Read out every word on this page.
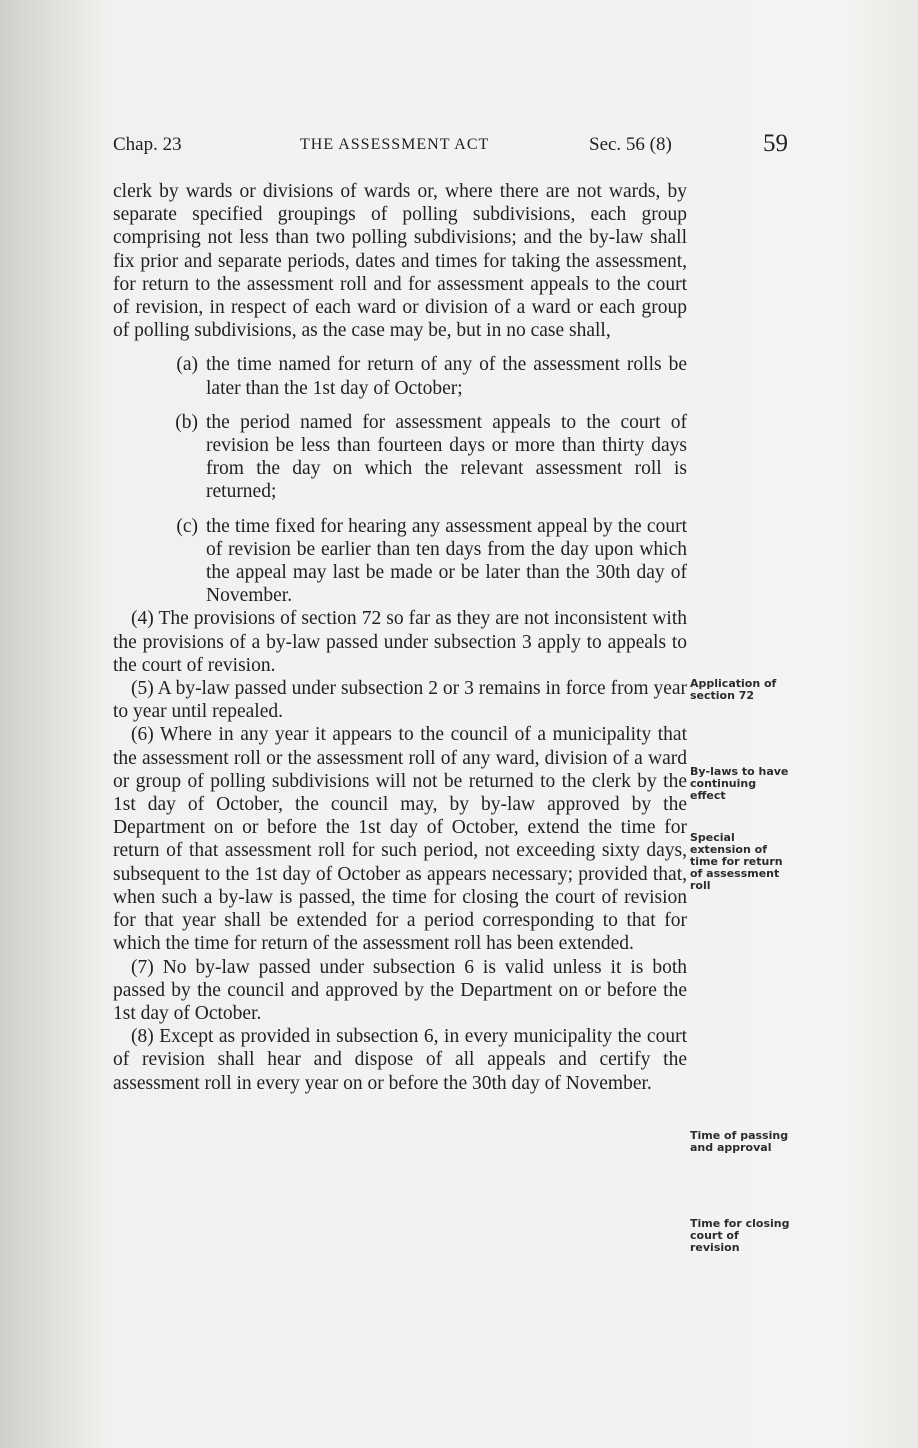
Chap. 23	THE ASSESSMENT ACT	Sec. 56 (8)	59

clerk by wards or divisions of wards or, where there are not wards, by separate specified groupings of polling subdivisions, each group comprising not less than two polling subdivisions; and the by-law shall fix prior and separate periods, dates and times for taking the assessment, for return to the assessment roll and for assessment appeals to the court of revision, in respect of each ward or division of a ward or each group of polling subdivisions, as the case may be, but in no case shall,

(a) the time named for return of any of the assessment rolls be later than the 1st day of October;
(b) the period named for assessment appeals to the court of revision be less than fourteen days or more than thirty days from the day on which the relevant assessment roll is returned;
(c) the time fixed for hearing any assessment appeal by the court of revision be earlier than ten days from the day upon which the appeal may last be made or be later than the 30th day of November.

(4) The provisions of section 72 so far as they are not inconsistent with the provisions of a by-law passed under subsection 3 apply to appeals to the court of revision.

(5) A by-law passed under subsection 2 or 3 remains in force from year to year until repealed.

(6) Where in any year it appears to the council of a municipality that the assessment roll or the assessment roll of any ward, division of a ward or group of polling subdivisions will not be returned to the clerk by the 1st day of October, the council may, by by-law approved by the Department on or before the 1st day of October, extend the time for return of that assessment roll for such period, not exceeding sixty days, subsequent to the 1st day of October as appears necessary; provided that, when such a by-law is passed, the time for closing the court of revision for that year shall be extended for a period corresponding to that for which the time for return of the assessment roll has been extended.

(7) No by-law passed under subsection 6 is valid unless it is both passed by the council and approved by the Department on or before the 1st day of October.

(8) Except as provided in subsection 6, in every municipality the court of revision shall hear and dispose of all appeals and certify the assessment roll in every year on or before the 30th day of November.

Application of section 72
By-laws to have continuing effect
Special extension of time for return of assessment roll
Time of passing and approval
Time for closing court of revision
